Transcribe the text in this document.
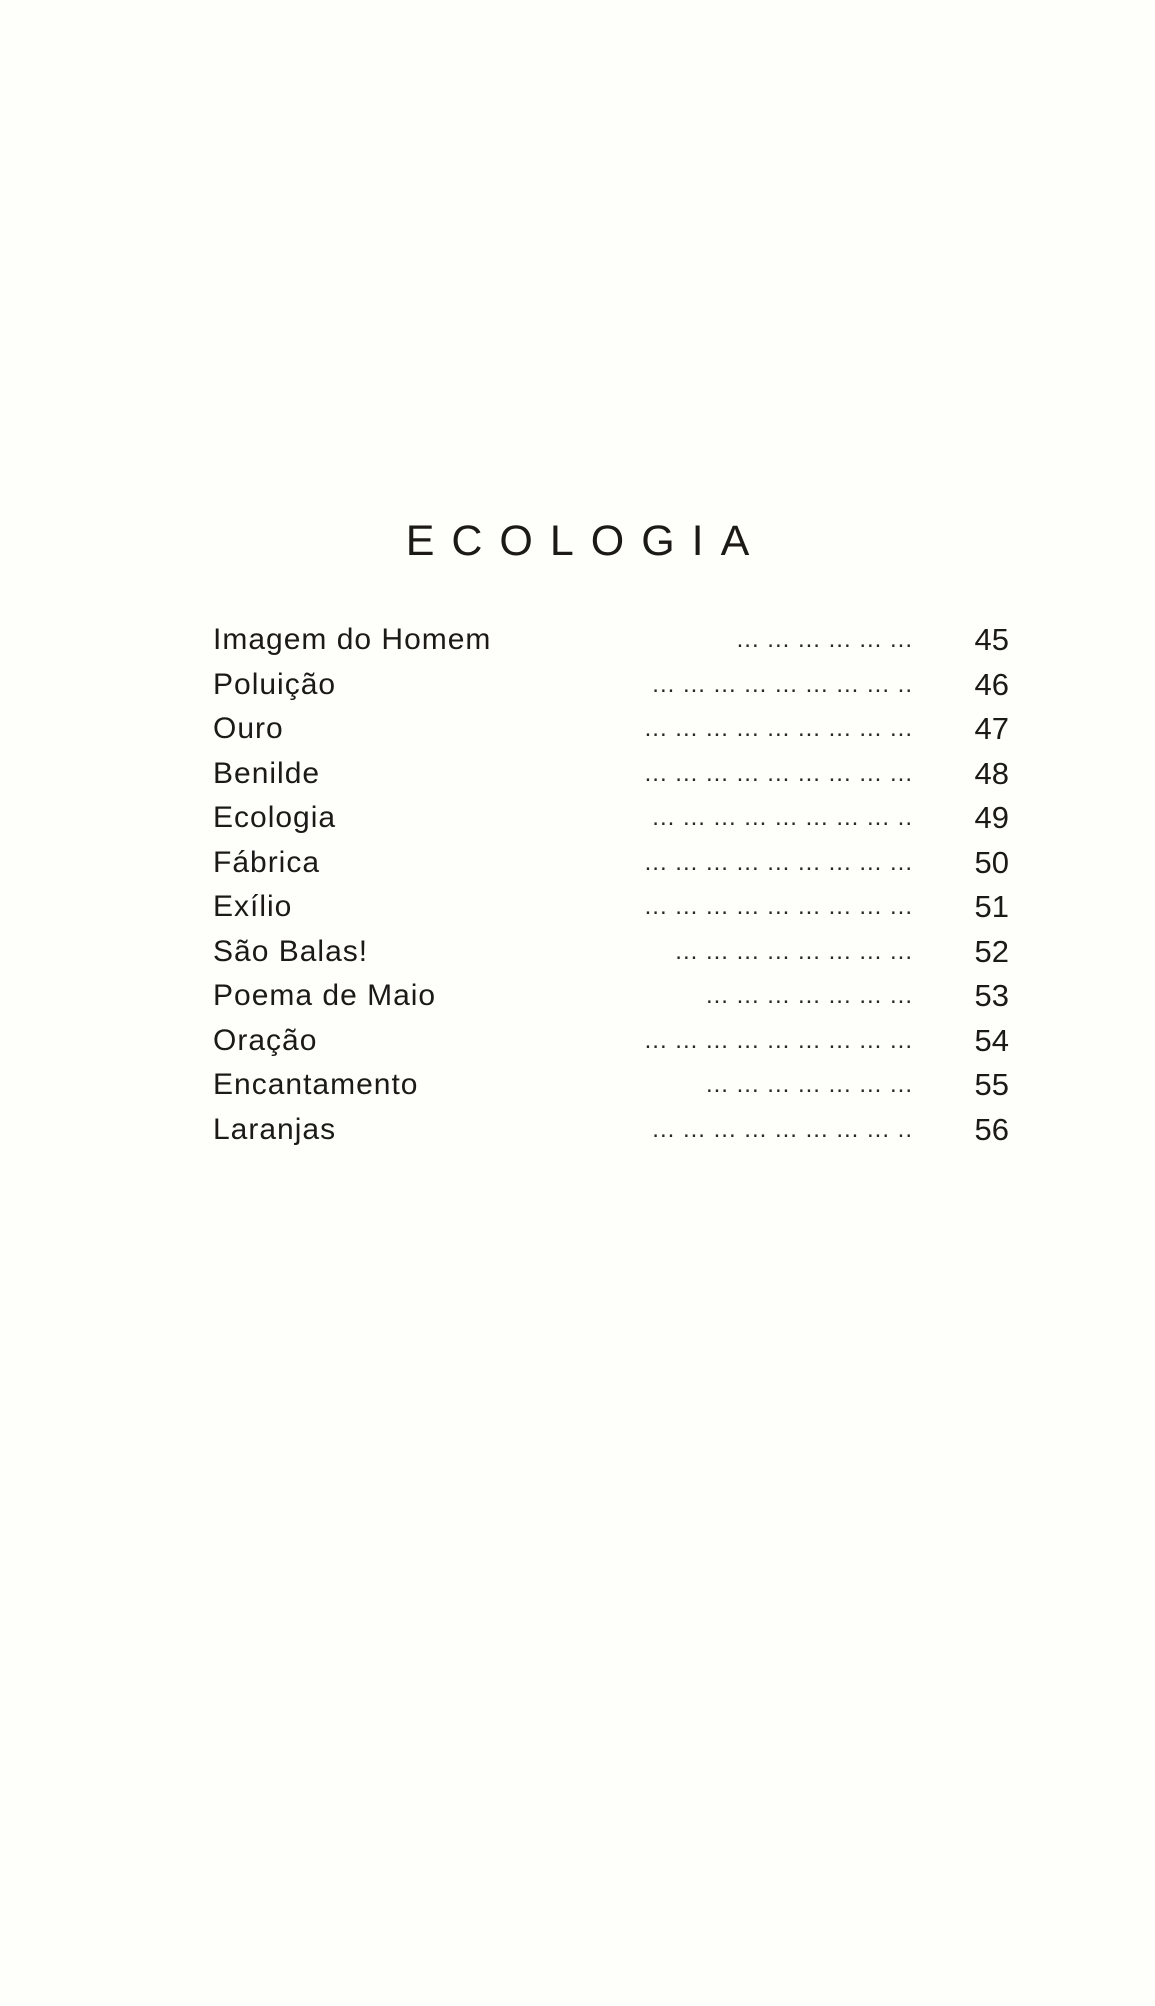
ECOLOGIA
Imagem do Homem	... ... ... ... ... ... 45
Poluição	.. ... ... ... ... ... ... ... ... 46
Ouro	... ... ... ... ... ... ... ... ... 47
Benilde	... ... ... ... ... ... ... ... ... 48
Ecologia	.. ... ... ... ... ... ... ... ... 49
Fábrica	... ... ... ... ... ... ... ... ... 50
Exílio	... ... ... ... ... ... ... ... ... 51
São Balas!	... ... ... ... ... ... ... ... 52
Poema de Maio	... ... ... ... ... ... ... 53
Oração	... ... ... ... ... ... ... ... ... 54
Encantamento	... ... ... ... ... ... ... 55
Laranjas	.. ... ... ... ... ... ... ... ... 56
